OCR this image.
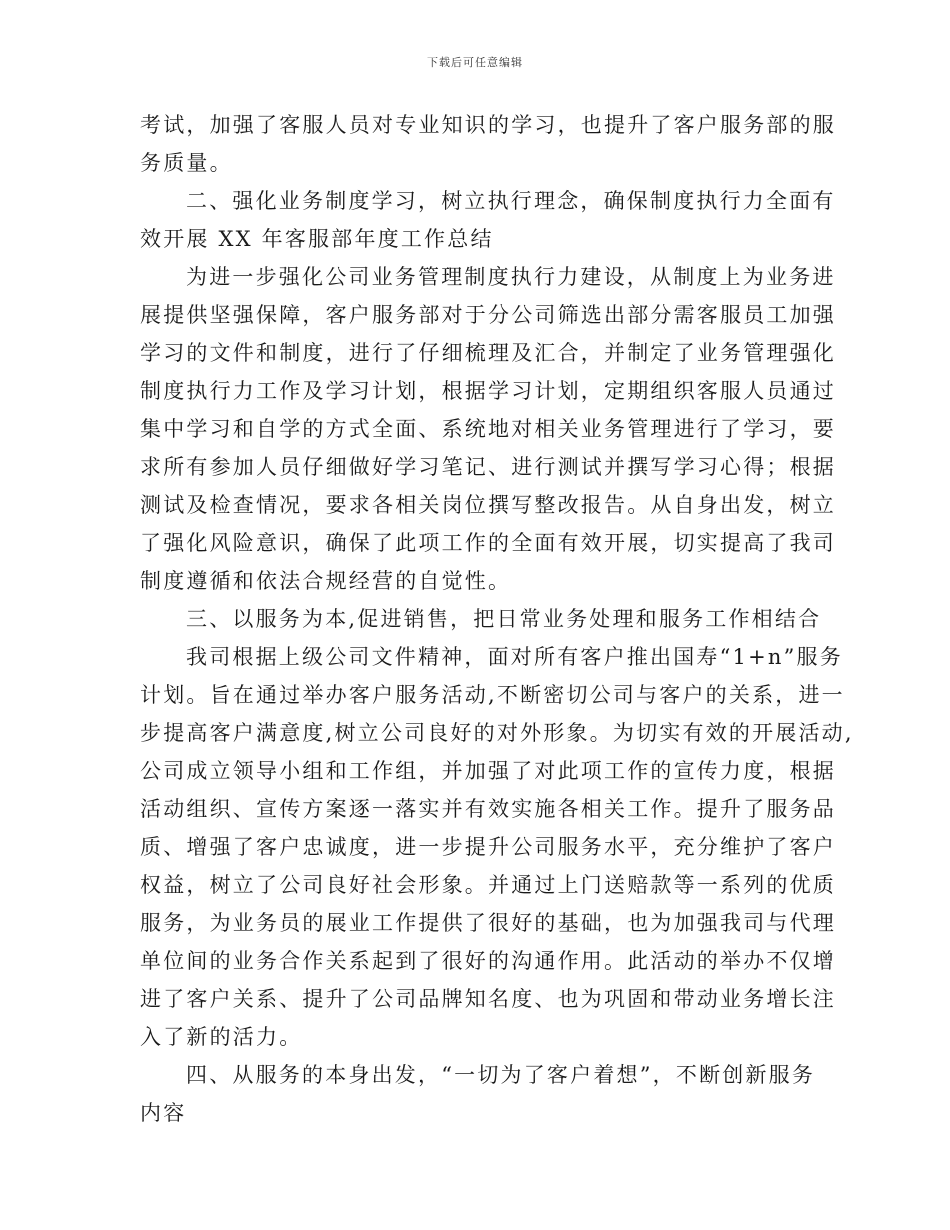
下载后可任意编辑
考试，加强了客服人员对专业知识的学习，也提升了客户服务部的服
务质量。
二、强化业务制度学习，树立执行理念，确保制度执行力全面有
效开展 XX 年客服部年度工作总结
为进一步强化公司业务管理制度执行力建设，从制度上为业务进
展提供坚强保障，客户服务部对于分公司筛选出部分需客服员工加强
学习的文件和制度，进行了仔细梳理及汇合，并制定了业务管理强化
制度执行力工作及学习计划，根据学习计划，定期组织客服人员通过
集中学习和自学的方式全面、系统地对相关业务管理进行了学习，要
求所有参加人员仔细做好学习笔记、进行测试并撰写学习心得；根据
测试及检查情况，要求各相关岗位撰写整改报告。从自身出发，树立
了强化风险意识，确保了此项工作的全面有效开展，切实提高了我司
制度遵循和依法合规经营的自觉性。
三、以服务为本,促进销售，把日常业务处理和服务工作相结合
我司根据上级公司文件精神，面对所有客户推出国寿“1+n”服务
计划。旨在通过举办客户服务活动,不断密切公司与客户的关系，进一
步提高客户满意度,树立公司良好的对外形象。为切实有效的开展活动,
公司成立领导小组和工作组，并加强了对此项工作的宣传力度，根据
活动组织、宣传方案逐一落实并有效实施各相关工作。提升了服务品
质、增强了客户忠诚度，进一步提升公司服务水平，充分维护了客户
权益，树立了公司良好社会形象。并通过上门送赔款等一系列的优质
服务，为业务员的展业工作提供了很好的基础，也为加强我司与代理
单位间的业务合作关系起到了很好的沟通作用。此活动的举办不仅增
进了客户关系、提升了公司品牌知名度、也为巩固和带动业务增长注
入了新的活力。
四、从服务的本身出发，“一切为了客户着想”，不断创新服务
内容
